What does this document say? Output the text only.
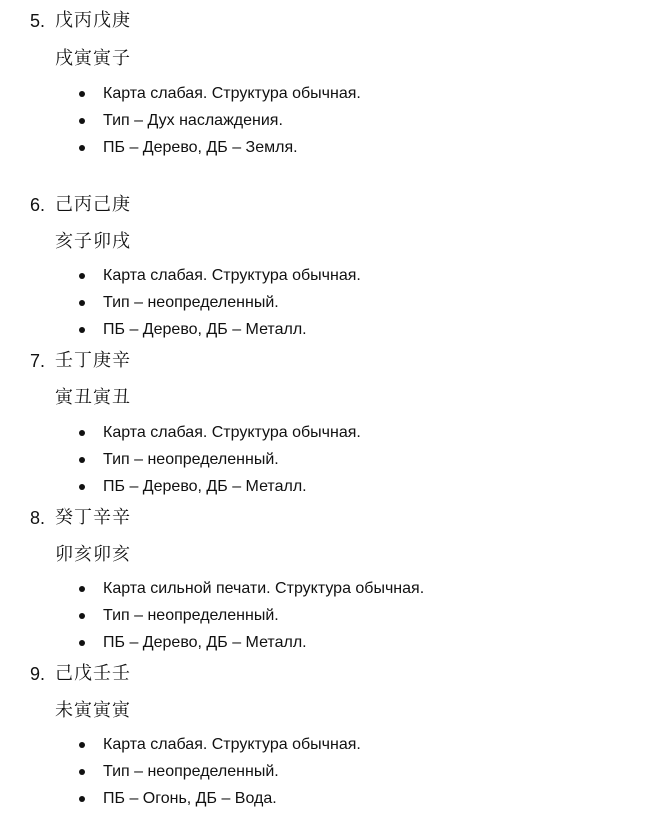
5. 戊丙戊庚
戌寅寅子
Карта слабая. Структура обычная.
Тип – Дух наслаждения.
ПБ – Дерево, ДБ – Земля.
6. 己丙己庚
亥子卯戌
Карта слабая. Структура обычная.
Тип – неопределенный.
ПБ – Дерево, ДБ – Металл.
7. 壬丁庚辛
寅丑寅丑
Карта слабая. Структура обычная.
Тип – неопределенный.
ПБ – Дерево, ДБ – Металл.
8. 癸丁辛辛
卯亥卯亥
Карта сильной печати. Структура обычная.
Тип – неопределенный.
ПБ – Дерево, ДБ – Металл.
9. 己戊壬壬
未寅寅寅
Карта слабая. Структура обычная.
Тип – неопределенный.
ПБ – Огонь, ДБ – Вода.
